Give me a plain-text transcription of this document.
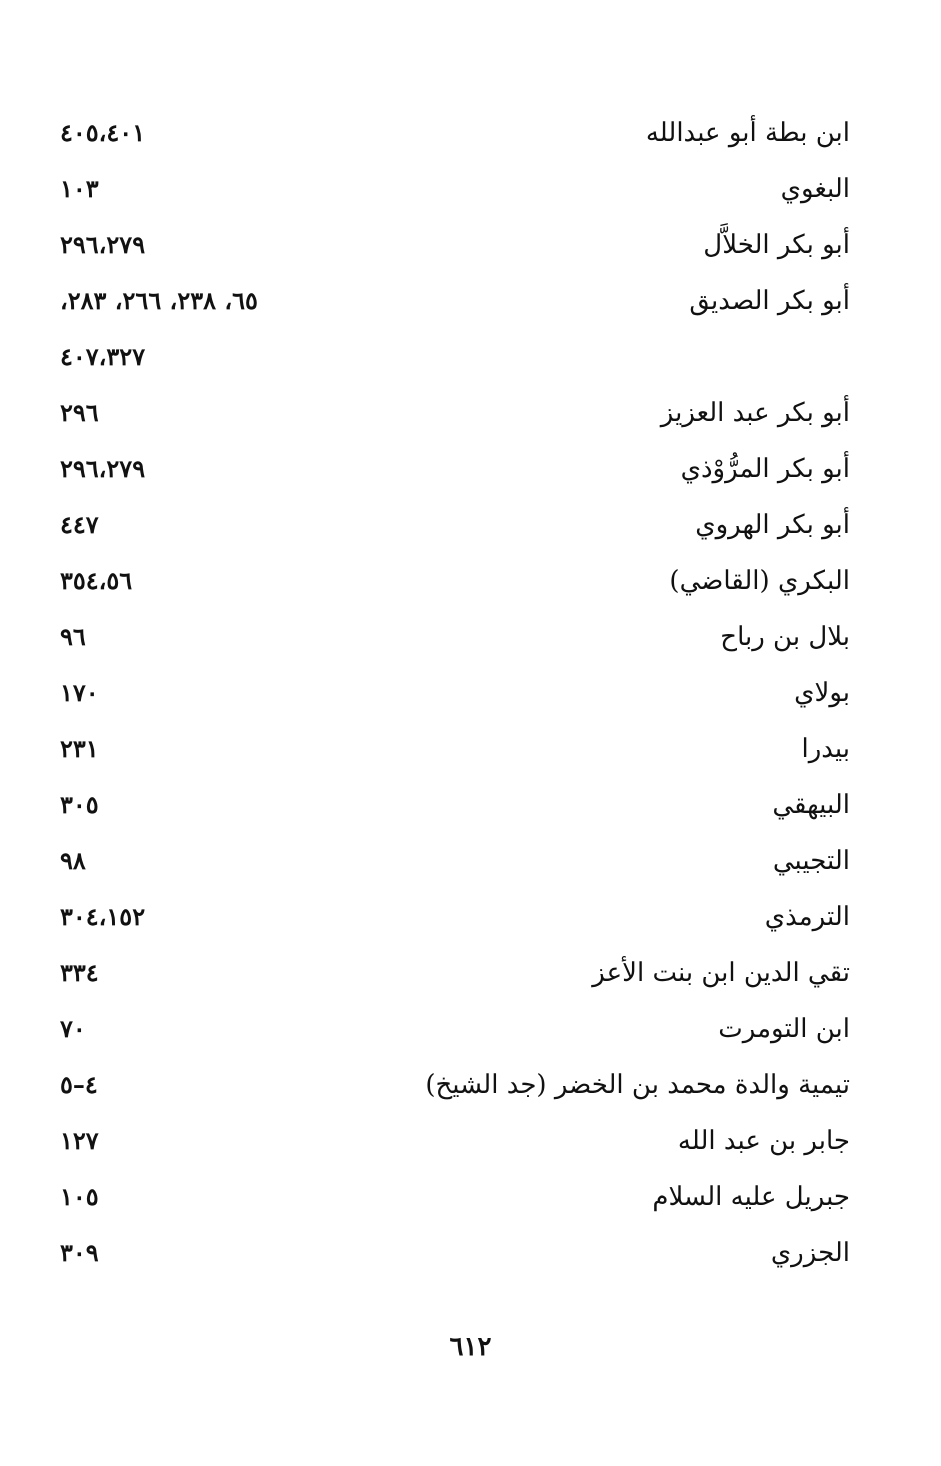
ابن بطة أبو عبدالله
٤٠٥،٤٠١
البغوي
١٠٣
أبو بكر الخلاَّل
٢٩٦،٢٧٩
أبو بكر الصديق
٦٥، ٢٣٨، ٢٦٦، ٢٨٣،
٤٠٧،٣٢٧
أبو بكر عبد العزيز
٢٩٦
أبو بكر المرُّوْذي
٢٩٦،٢٧٩
أبو بكر الهروي
٤٤٧
البكري (القاضي)
٣٥٤،٥٦
بلال بن رباح
٩٦
بولاي
١٧٠
بيدرا
٢٣١
البيهقي
٣٠٥
التجيبي
٩٨
الترمذي
٣٠٤،١٥٢
تقي الدين ابن بنت الأعز
٣٣٤
ابن التومرت
٧٠
تيمية والدة محمد بن الخضر (جد الشيخ)
٤–٥
جابر بن عبد الله
١٢٧
جبريل عليه السلام
١٠٥
الجزري
٣٠٩
٦١٢
